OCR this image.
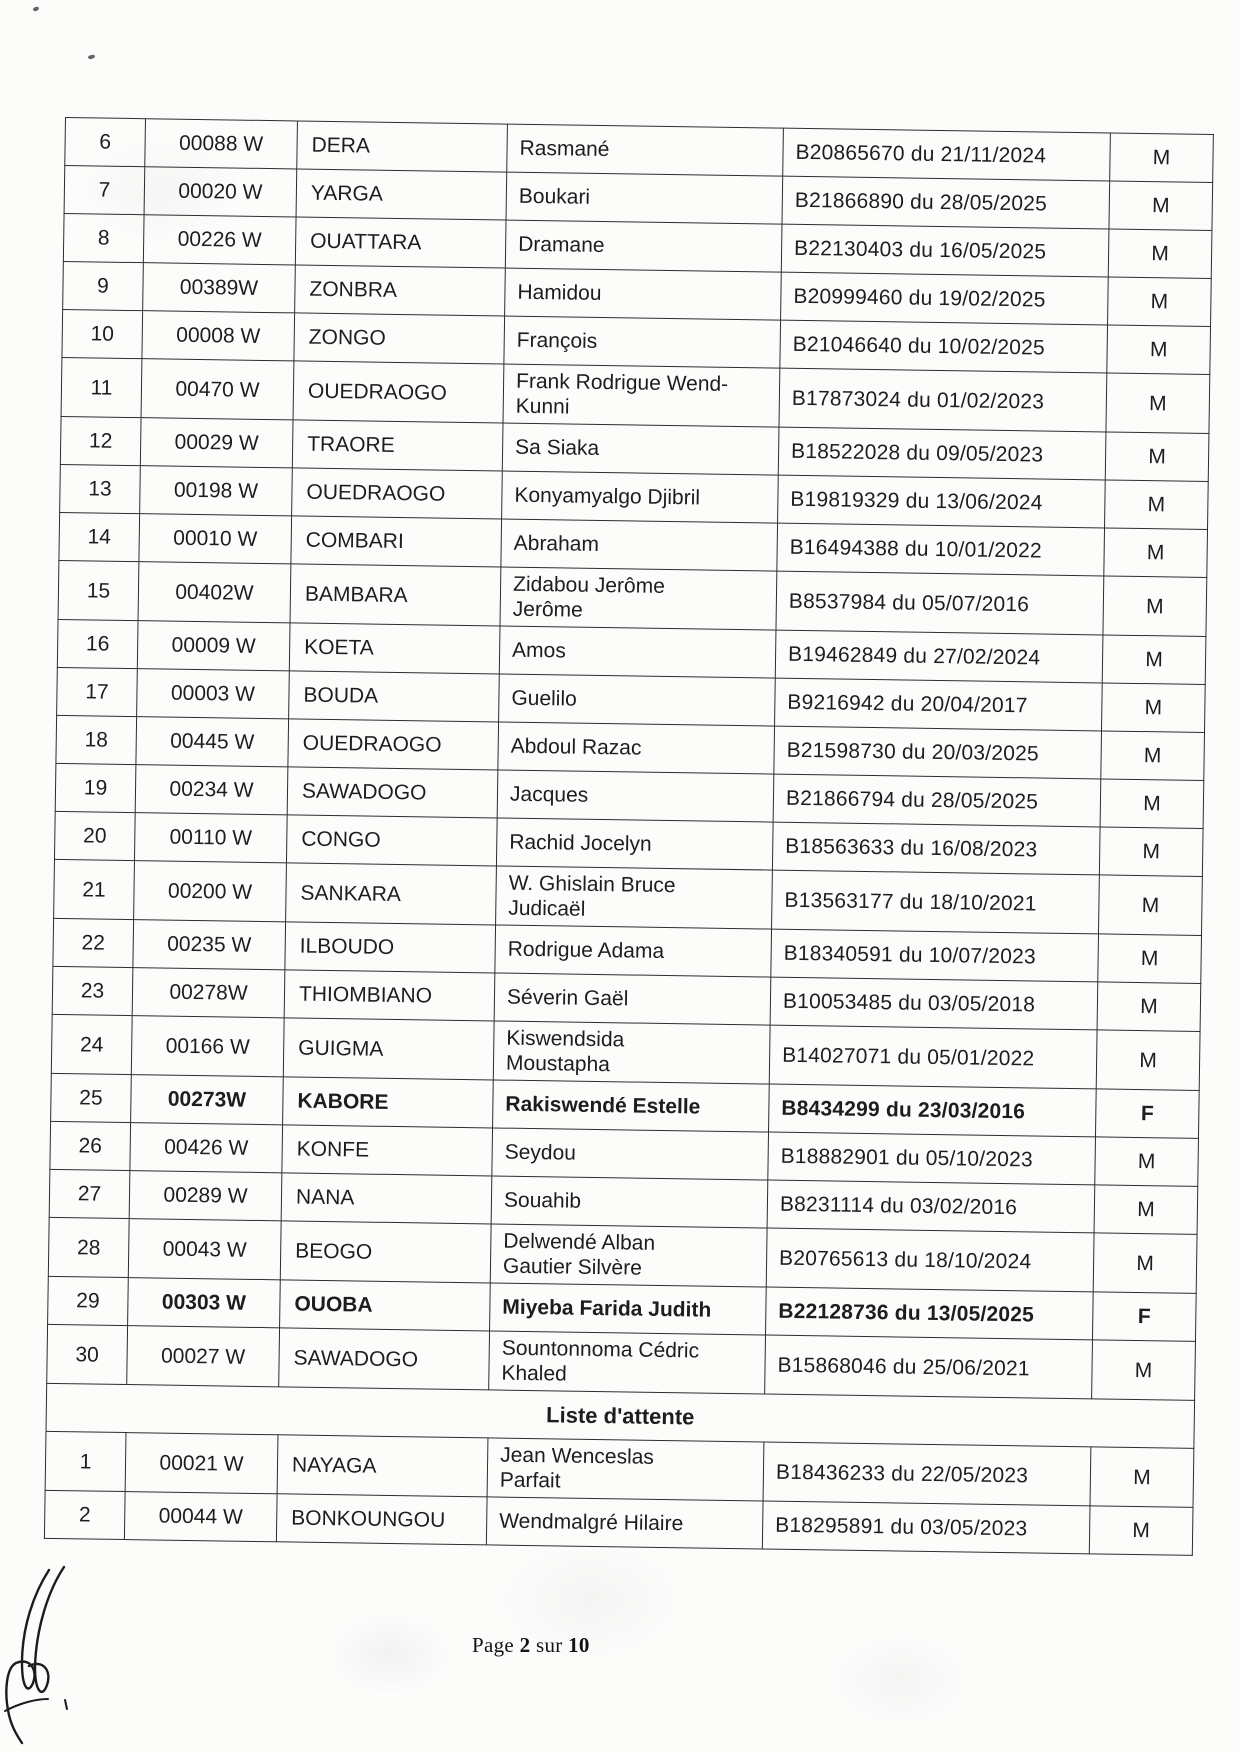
6	00088 W	DERA	Rasmané	B20865670 du 21/11/2024	M
7	00020 W	YARGA	Boukari	B21866890 du 28/05/2025	M
8	00226 W	OUATTARA	Dramane	B22130403 du 16/05/2025	M
9	00389W	ZONBRA	Hamidou	B20999460 du 19/02/2025	M
10	00008 W	ZONGO	François	B21046640 du 10/02/2025	M
11	00470 W	OUEDRAOGO	Frank Rodrigue Wend-
Kunni	B17873024 du 01/02/2023	M
12	00029 W	TRAORE	Sa Siaka	B18522028 du 09/05/2023	M
13	00198 W	OUEDRAOGO	Konyamyalgo Djibril	B19819329 du 13/06/2024	M
14	00010 W	COMBARI	Abraham	B16494388 du 10/01/2022	M
15	00402W	BAMBARA	Zidabou Jerôme
Jerôme	B8537984 du 05/07/2016	M
16	00009 W	KOETA	Amos	B19462849 du 27/02/2024	M
17	00003 W	BOUDA	Guelilo	B9216942 du 20/04/2017	M
18	00445 W	OUEDRAOGO	Abdoul Razac	B21598730 du 20/03/2025	M
19	00234 W	SAWADOGO	Jacques	B21866794 du 28/05/2025	M
20	00110 W	CONGO	Rachid Jocelyn	B18563633 du 16/08/2023	M
21	00200 W	SANKARA	W. Ghislain Bruce
Judicaël	B13563177 du 18/10/2021	M
22	00235 W	ILBOUDO	Rodrigue Adama	B18340591 du 10/07/2023	M
23	00278W	THIOMBIANO	Séverin Gaël	B10053485 du 03/05/2018	M
24	00166 W	GUIGMA	Kiswendsida
Moustapha	B14027071 du 05/01/2022	M
25	00273W	KABORE	Rakiswendé Estelle	B8434299 du 23/03/2016	F
26	00426 W	KONFE	Seydou	B18882901 du 05/10/2023	M
27	00289 W	NANA	Souahib	B8231114 du 03/02/2016	M
28	00043 W	BEOGO	Delwendé Alban
Gautier Silvère	B20765613 du 18/10/2024	M
29	00303 W	OUOBA	Miyeba Farida Judith	B22128736 du 13/05/2025	F
30	00027 W	SAWADOGO	Sountonnoma Cédric
Khaled	B15868046 du 25/06/2021	M
Liste d'attente					
1	00021 W	NAYAGA	Jean Wenceslas
Parfait	B18436233 du 22/05/2023	M
2	00044 W	BONKOUNGOU	Wendmalgré Hilaire	B18295891 du 03/05/2023	M
Page 2 sur 10
